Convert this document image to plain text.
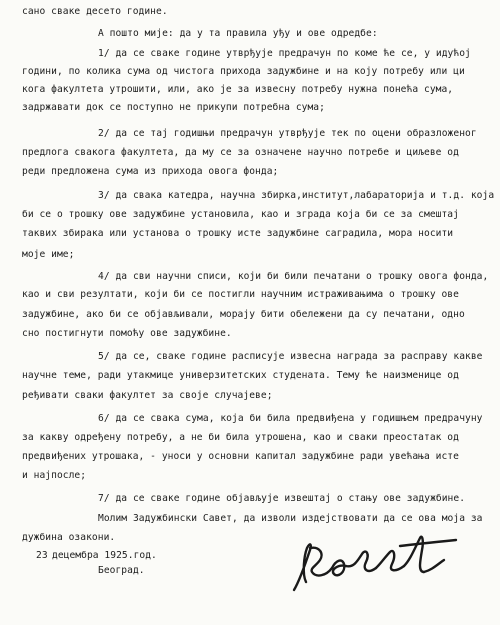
сано сваке десето године.
А пошто мије: да у та правила уђу и ове одредбе:
1/ да се сваке године утврђује предрачун по коме ће се, у идућој
години, по колика сума од чистога прихода задужбине и на коју потребу или ци
кога факултета утрошити, или, ако је за извесну потребу нужна понећа сума,
задржавати док се поступно не прикупи потребна сума;
2/ да се тај годишњи предрачун утврђује тек по оцени образложеног
предлога свакога факултета, да му се за означене научно потребе и циљеве од
реди предложена сума из прихода овога фонда;
3/ да свака катедра, научна збирка,институт,лабараторија и т.д. која
би се о трошку ове задужбине установила, као и зграда која би се за смештај
таквих збирака или установа о трошку исте задужбине саградила, мора носити
моје име;
4/ да сви научни списи, који би били печатани о трошку овога фонда,
као и сви резултати, који би се постигли научним истраживањима о трошку ове
задужбине, ако би се објављивали, морају бити обележени да су печатани, одно
сно постигнути помоћу ове задужбине.
5/ да се, сваке године расписује извесна награда за расправу какве
научне теме, ради утакмице универзитетских студената. Тему ће наизменице од
ређивати сваки факултет за своје случајеве;
6/ да се свака сума, која би била предвиђена у годишњем предрачуну
за какву одређену потребу, а не би била утрошена, као и сваки преостатак од
предвиђених утрошака, - уноси у основни капитал задужбине ради увећања исте
и најпосле;
7/ да се сваке године објављује извештај о стању ове задужбине.
Молим Задужбински Савет, да изволи издејствовати да се ова моја за
дужбина озакони.
23 децембра 1925.год.
Београд.
